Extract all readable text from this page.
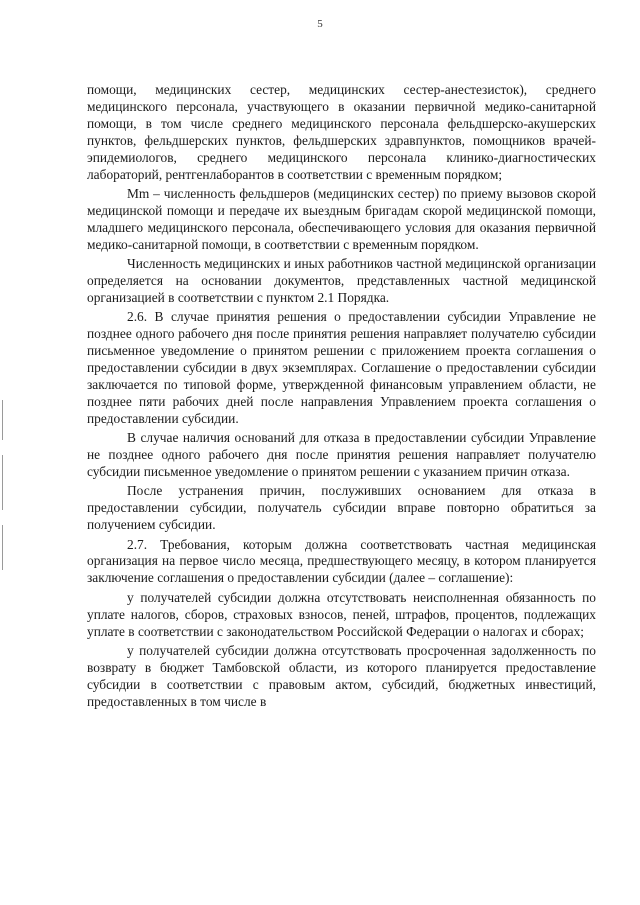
5

помощи, медицинских сестер, медицинских сестер-анестезисток), среднего медицинского персонала, участвующего в оказании первичной медико-санитарной помощи, в том числе среднего медицинского персонала фельдшерско-акушерских пунктов, фельдшерских пунктов, фельдшерских здравпунктов, помощников врачей-эпидемиологов, среднего медицинского персонала клинико-диагностических лабораторий, рентгенлаборантов в соответствии с временным порядком;

Mm – численность фельдшеров (медицинских сестер) по приему вызовов скорой медицинской помощи и передаче их выездным бригадам скорой медицинской помощи, младшего медицинского персонала, обеспечивающего условия для оказания первичной медико-санитарной помощи, в соответствии с временным порядком.

Численность медицинских и иных работников частной медицинской организации определяется на основании документов, представленных частной медицинской организацией в соответствии с пунктом 2.1 Порядка.

2.6. В случае принятия решения о предоставлении субсидии Управление не позднее одного рабочего дня после принятия решения направляет получателю субсидии письменное уведомление о принятом решении с приложением проекта соглашения о предоставлении субсидии в двух экземплярах. Соглашение о предоставлении субсидии заключается по типовой форме, утвержденной финансовым управлением области, не позднее пяти рабочих дней после направления Управлением проекта соглашения о предоставлении субсидии.

В случае наличия оснований для отказа в предоставлении субсидии Управление не позднее одного рабочего дня после принятия решения направляет получателю субсидии письменное уведомление о принятом решении с указанием причин отказа.

После устранения причин, послуживших основанием для отказа в предоставлении субсидии, получатель субсидии вправе повторно обратиться за получением субсидии.

2.7. Требования, которым должна соответствовать частная медицинская организация на первое число месяца, предшествующего месяцу, в котором планируется заключение соглашения о предоставлении субсидии (далее – соглашение):

у получателей субсидии должна отсутствовать неисполненная обязанность по уплате налогов, сборов, страховых взносов, пеней, штрафов, процентов, подлежащих уплате в соответствии с законодательством Российской Федерации о налогах и сборах;

у получателей субсидии должна отсутствовать просроченная задолженность по возврату в бюджет Тамбовской области, из которого планируется предоставление субсидии в соответствии с правовым актом, субсидий, бюджетных инвестиций, предоставленных в том числе в
